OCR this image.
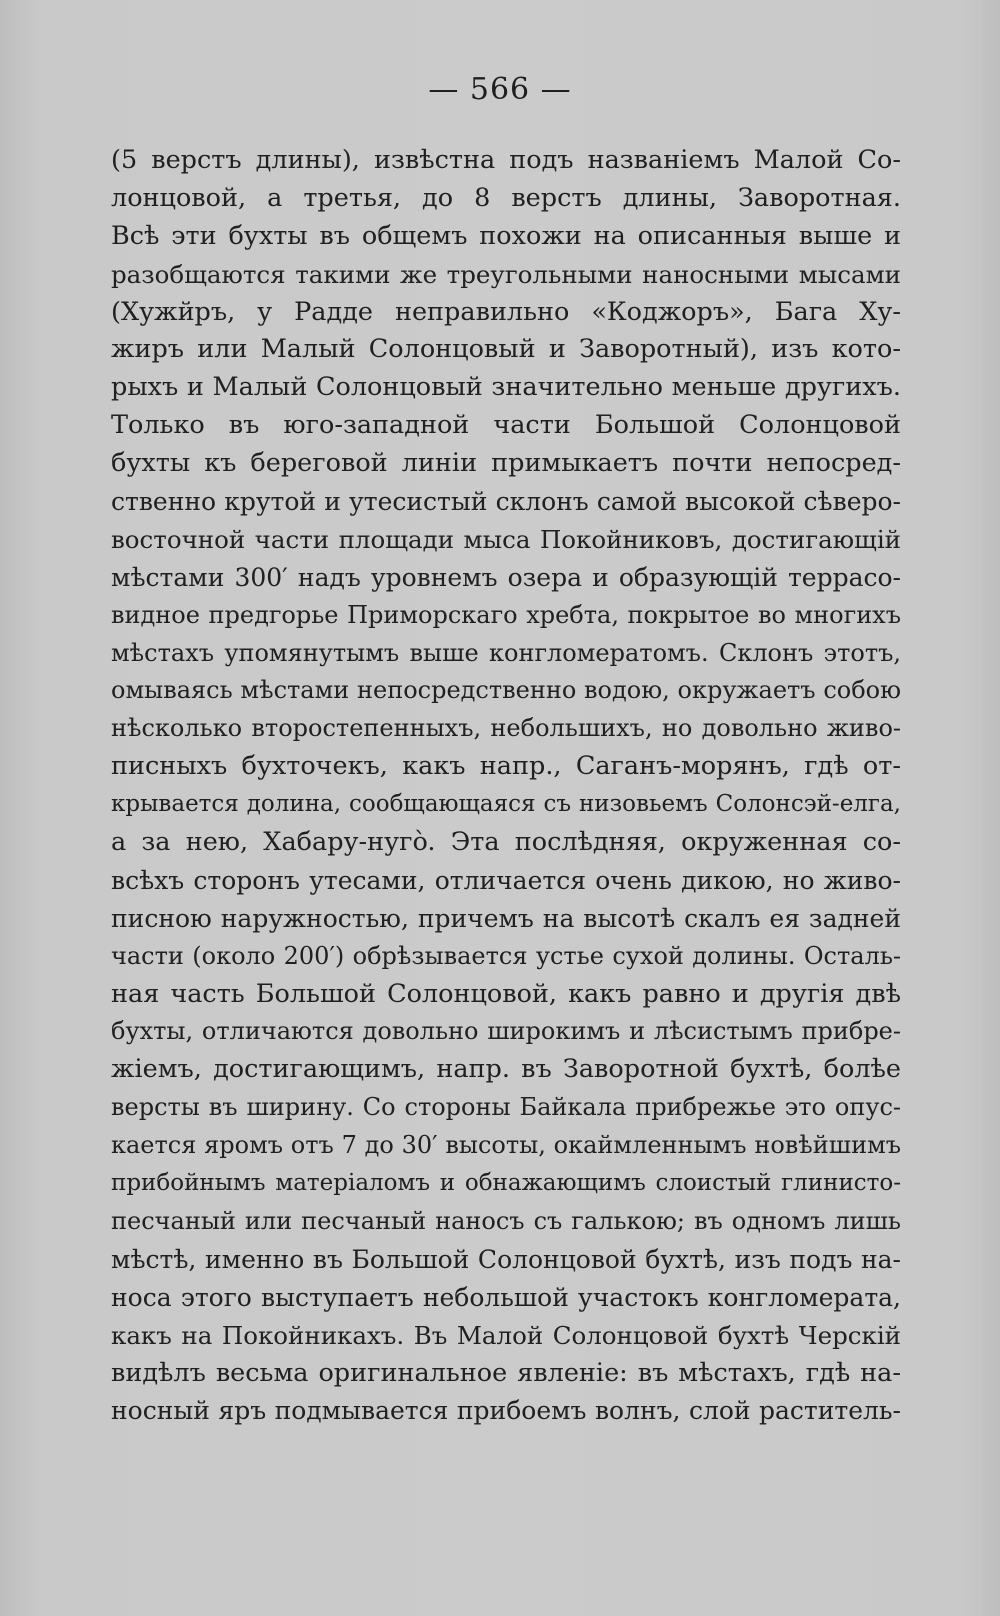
— 566 —
(5 верстъ длины), извѣстна подъ названіемъ Малой Со-
лонцовой, а третья, до 8 верстъ длины, Заворотная.
Всѣ эти бухты въ общемъ похожи на описанныя выше и
разобщаются такими же треугольными наносными мысами
(Хужйръ, у Радде неправильно «Коджоръ», Бага Ху-
жиръ или Малый Солонцовый и Заворотный), изъ кото-
рыхъ и Малый Солонцовый значительно меньше другихъ.
Только въ юго-западной части Большой Солонцовой
бухты къ береговой линіи примыкаетъ почти непосред-
ственно крутой и утесистый склонъ самой высокой сѣверо-
восточной части площади мыса Покойниковъ, достигающій
мѣстами 300′ надъ уровнемъ озера и образующій террасо-
видное предгорье Приморскаго хребта, покрытое во многихъ
мѣстахъ упомянутымъ выше конгломератомъ. Склонъ этотъ,
омываясь мѣстами непосредственно водою, окружаетъ собою
нѣсколько второстепенныхъ, небольшихъ, но довольно живо-
писныхъ бухточекъ, какъ напр., Саганъ-морянъ, гдѣ от-
крывается долина, сообщающаяся съ низовьемъ Солонсэй-елга,
а за нею, Хабару-нугò. Эта послѣдняя, окруженная со-
всѣхъ сторонъ утесами, отличается очень дикою, но живо-
писною наружностью, причемъ на высотѣ скалъ ея задней
части (около 200′) обрѣзывается устье сухой долины. Осталь-
ная часть Большой Солонцовой, какъ равно и другія двѣ
бухты, отличаются довольно широкимъ и лѣсистымъ прибре-
жіемъ, достигающимъ, напр. въ Заворотной бухтѣ, болѣе
версты въ ширину. Со стороны Байкала прибрежье это опус-
кается яромъ отъ 7 до 30′ высоты, окаймленнымъ новѣйшимъ
прибойнымъ матеріаломъ и обнажающимъ слоистый глинисто-
песчаный или песчаный наносъ съ галькою; въ одномъ лишь
мѣстѣ, именно въ Большой Солонцовой бухтѣ, изъ подъ на-
носа этого выступаетъ небольшой участокъ конгломерата,
какъ на Покойникахъ. Въ Малой Солонцовой бухтѣ Черскій
видѣлъ весьма оригинальное явленіе: въ мѣстахъ, гдѣ на-
носный яръ подмывается прибоемъ волнъ, слой раститель-
